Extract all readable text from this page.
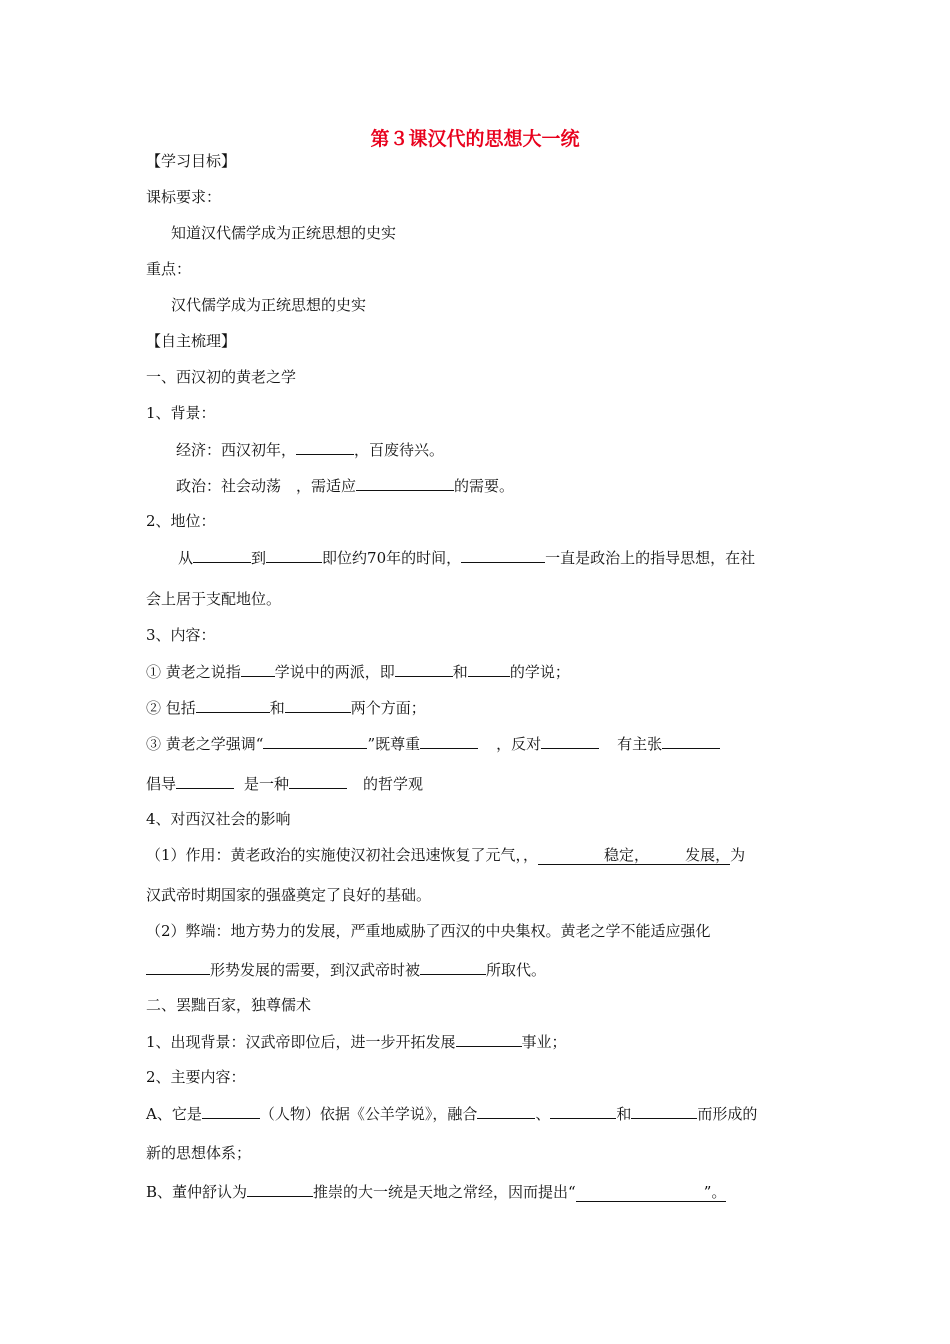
第３课汉代的思想大一统
【学习目标】
课标要求：
知道汉代儒学成为正统思想的史实
重点：
汉代儒学成为正统思想的史实
【自主梳理】
一、西汉初的黄老之学
1、背景：
经济：西汉初年，	，百废待兴。
政治：社会动荡　，需适应	的需要。
2、地位：
从	到	即位约70年的时间，	一直是政治上的指导思想，在社
会上居于支配地位。
3、内容：
① 黄老之说指 学说中的两派，即	和	的学说；
② 包括	和	两个方面；
③ 黄老之学强调“	”既尊重	，反对	有主张
倡导	是一种	的哲学观
4、对西汉社会的影响
（1）作用：黄老政治的实施使汉初社会迅速恢复了元气，，	稳定， 发展，为
汉武帝时期国家的强盛奠定了良好的基础。
（2）弊端：地方势力的发展，严重地威胁了西汉的中央集权。黄老之学不能适应强化
形势发展的需要，到汉武帝时被	所取代。
二、罢黜百家，独尊儒术
1、出现背景：汉武帝即位后，进一步开拓发展	事业；
2、主要内容：
A、它是	（人物）依据《公羊学说》，融合	、	和	而形成的
新的思想体系；
B、董仲舒认为	推崇的大一统是天地之常经，因而提出“	”。
